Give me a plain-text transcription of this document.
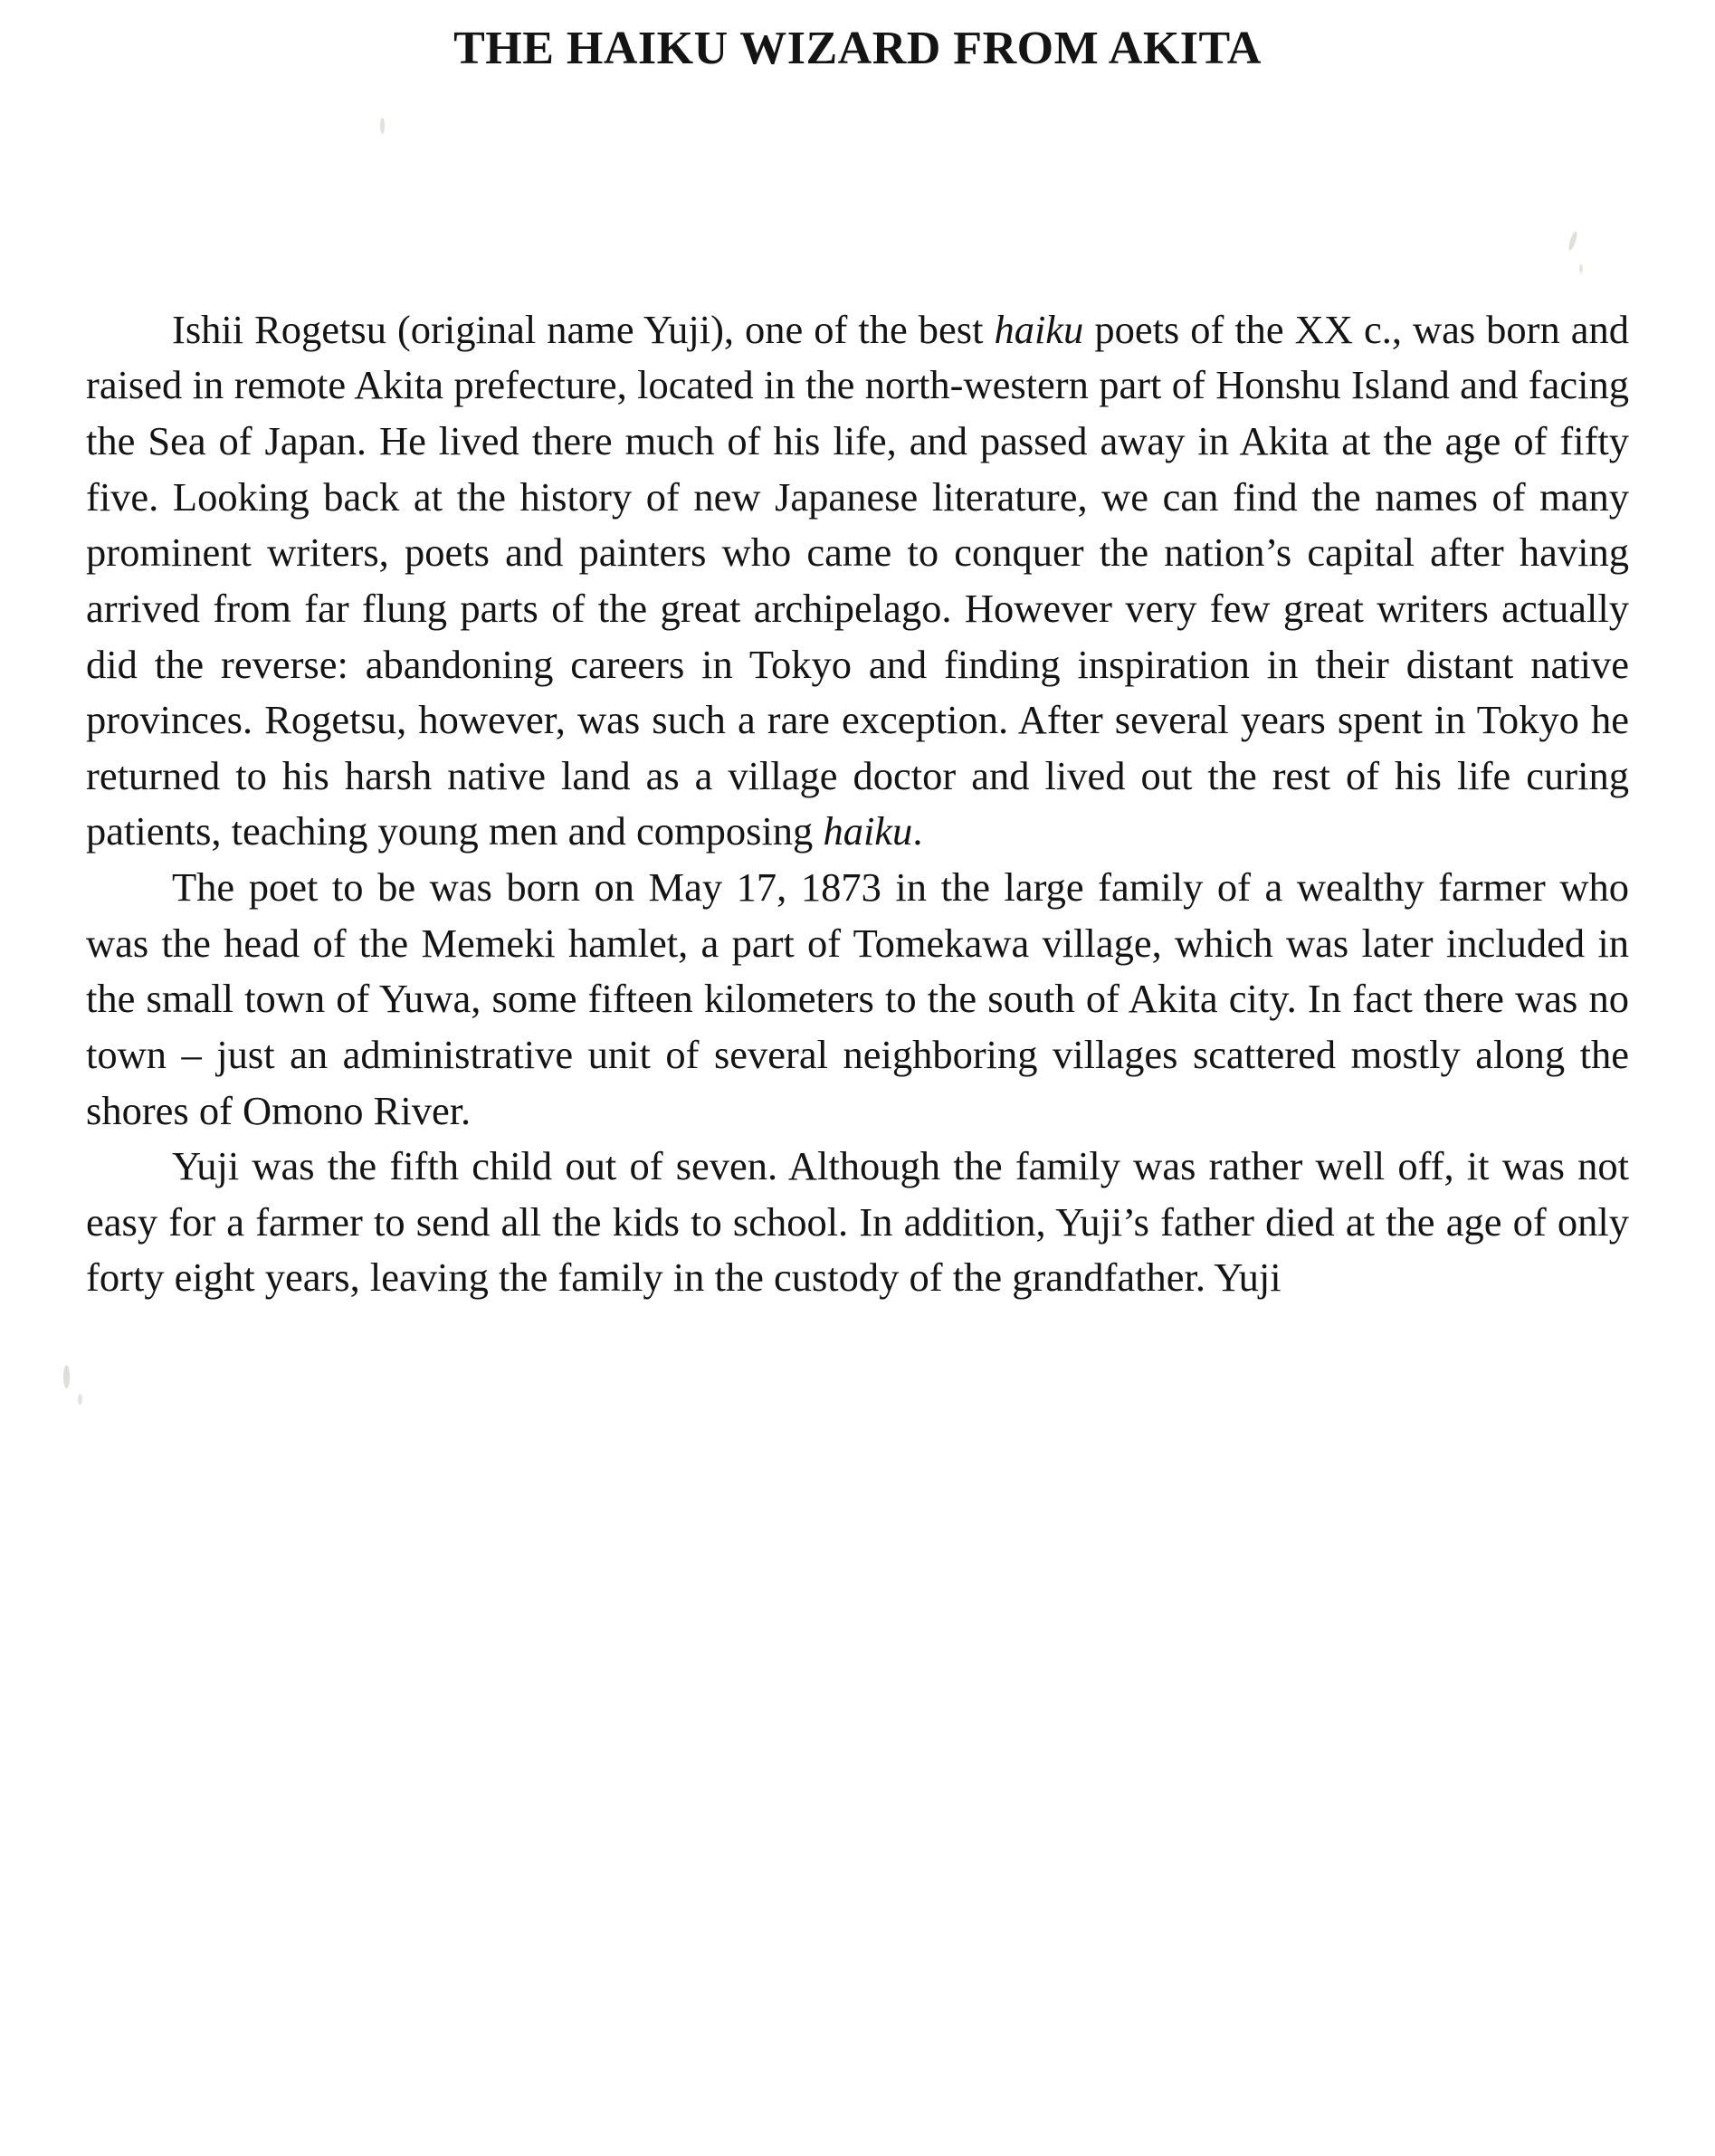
THE HAIKU WIZARD FROM AKITA

Ishii Rogetsu (original name Yuji), one of the best haiku poets of the XX c., was born and raised in remote Akita prefecture, located in the north-western part of Honshu Island and facing the Sea of Japan. He lived there much of his life, and passed away in Akita at the age of fifty five. Looking back at the history of new Japanese literature, we can find the names of many prominent writers, poets and painters who came to conquer the nation’s capital after having arrived from far flung parts of the great archipelago. However very few great writers actually did the reverse: abandoning careers in Tokyo and finding inspiration in their distant native provinces. Rogetsu, however, was such a rare exception. After several years spent in Tokyo he returned to his harsh native land as a village doctor and lived out the rest of his life curing patients, teaching young men and composing haiku.

The poet to be was born on May 17, 1873 in the large family of a wealthy farmer who was the head of the Memeki hamlet, a part of Tomekawa village, which was later included in the small town of Yuwa, some fifteen kilometers to the south of Akita city. In fact there was no town – just an administrative unit of several neighboring villages scattered mostly along the shores of Omono River.

Yuji was the fifth child out of seven. Although the family was rather well off, it was not easy for a farmer to send all the kids to school. In addition, Yuji’s father died at the age of only forty eight years, leaving the family in the custody of the grandfather. Yuji
